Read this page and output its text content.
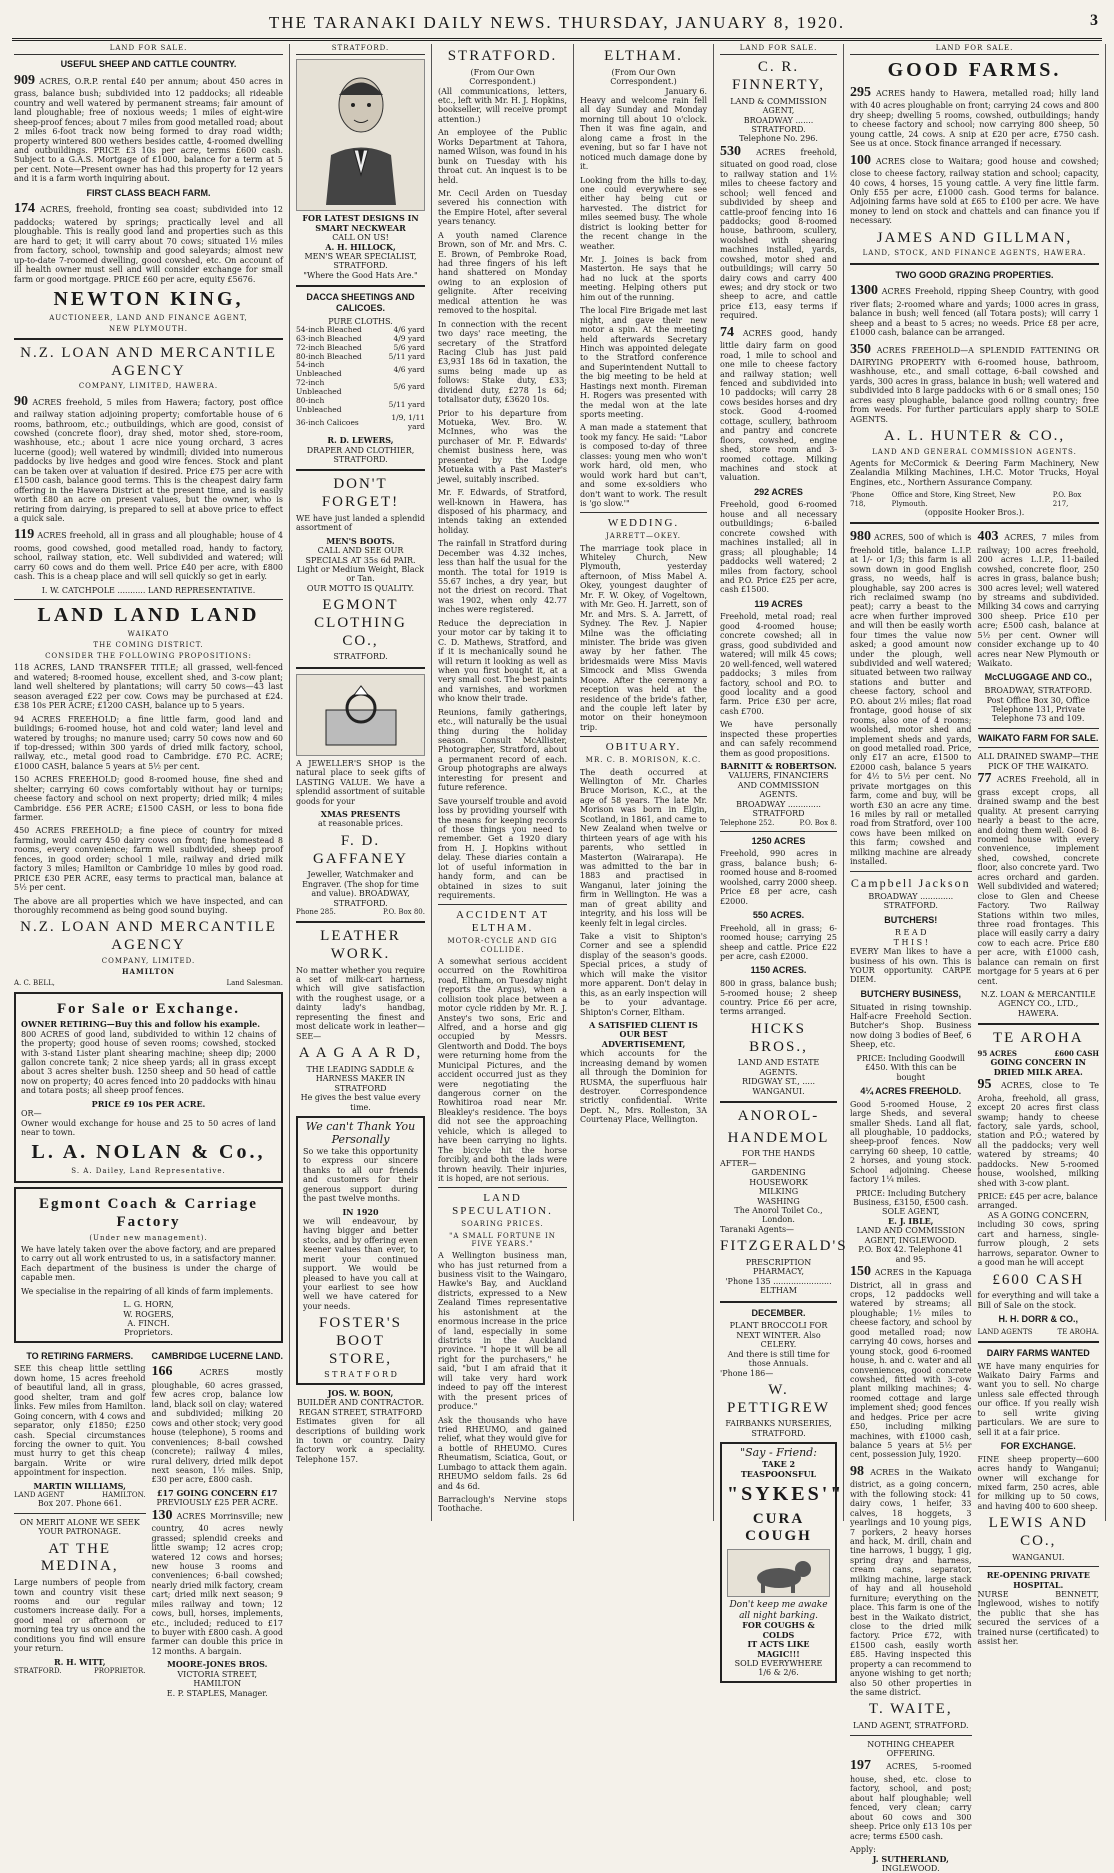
THE TARANAKI DAILY NEWS. THURSDAY, JANUARY 8, 1920.	3
LAND FOR SALE.
USEFUL SHEEP AND CATTLE COUNTRY.

909 ACRES, O.R.P. rental £40 per annum; about 450 acres in grass, balance bush; subdivided into 12 paddocks; all rideable country and well watered by permanent streams; fair amount of land ploughable; free of noxious weeds; 1 miles of eight-wire sheep-proof fences; about 7 miles from good metalled road; about 2 miles 6-foot track now being formed to dray road width; property wintered 800 wethers besides cattle, 4-roomed dwelling and outbuildings. PRICE £3 10s per acre, terms £600 cash. Subject to a G.A.S. Mortgage of £1000, balance for a term at 5 per cent. Note—Present owner has had this property for 12 years and it is a farm worth inquiring about.

FIRST CLASS BEACH FARM.

174 ACRES, freehold, fronting sea coast; subdivided into 12 paddocks; watered by springs; practically level and all ploughable. This is really good land and properties such as this are hard to get; it will carry about 70 cows; situated 1½ miles from factory, school, township and good saleyards; almost new up-to-date 7-roomed dwelling, good cowshed, etc. On account of ill health owner must sell and will consider exchange for small farm or good mortgage. PRICE £60 per acre, equity £5676.

NEWTON KING,
AUCTIONEER, LAND AND FINANCE AGENT,
NEW PLYMOUTH.
N.Z. LOAN AND MERCANTILE AGENCY
COMPANY, LIMITED, HAWERA.

90 ACRES freehold, 5 miles from Hawera; factory, post office and railway station adjoining property; comfortable house of 6 rooms, bathroom, etc.; outbuildings, which are good, consist of cowshed (concrete floor), dray shed, motor shed, store-room, washhouse, etc.; about 1 acre nice young orchard, 3 acres lucerne (good); well watered by windmill; divided into numerous paddocks by live hedges and good wire fences. Stock and plant can be taken over at valuation if desired. Price £75 per acre with £1500 cash, balance good terms. This is the cheapest dairy farm offering in the Hawera District at the present time, and is easily worth £80 an acre on present values, but the owner, who is retiring from dairying, is prepared to sell at above price to effect a quick sale.

119 ACRES freehold, all in grass and all ploughable; house of 4 rooms, good cowshed, good metalled road, handy to factory, school, railway station, etc. Well subdivided and watered; will carry 60 cows and do them well. Price £40 per acre, with £800 cash. This is a cheap place and will sell quickly so get in early.

I. W. CATCHPOLE ........... LAND REPRESENTATIVE.
LAND LAND LAND
WAIKATO
THE COMING DISTRICT.
CONSIDER THE FOLLOWING PROPOSITIONS:

118 ACRES, LAND TRANSFER TITLE; all grassed, well-fenced and watered; 8-roomed house, excellent shed, and 3-cow plant; land well sheltered by plantations; will carry 50 cows—43 last season averaged £22 per cow. Cows may be purchased at £24. £38 10s PER ACRE; £1200 CASH, balance up to 5 years.

94 ACRES FREEHOLD; a fine little farm, good land and buildings; 6-roomed house, hot and cold water; land level and watered by troughs; no manure used; carry 50 cows now and 60 if top-dressed; within 300 yards of dried milk factory, school, railway, etc., metal good road to Cambridge. £70 P.C. ACRE; £1000 CASH, balance 5 years at 5½ per cent.

150 ACRES FREEHOLD; good 8-roomed house, fine shed and shelter; carrying 60 cows comfortably without hay or turnips; cheese factory and school on next property; dried milk; 4 miles Cambridge. £56 PER ACRE; £1500 CASH, or less to bona fide farmer.

450 ACRES FREEHOLD; a fine piece of country for mixed farming, would carry 450 dairy cows on front; fine homestead 8 rooms, every convenience; farm well subdivided, sheep proof fences, in good order; school 1 mile, railway and dried milk factory 3 miles; Hamilton or Cambridge 10 miles by good road. PRICE £30 PER ACRE, easy terms to practical man, balance at 5½ per cent.

The above are all properties which we have inspected, and can thoroughly recommend as being good sound buying.

N.Z. LOAN AND MERCANTILE AGENCY
COMPANY, LIMITED.
HAMILTON
A. C. BELL,	Land Salesman.
For Sale or Exchange.
OWNER RETIRING—Buy this and follow his example.

800 ACRES of good land, subdivided to within 12 chains of the property; good house of seven rooms; cowshed, stocked with 3-stand Lister plant shearing machine; sheep dip; 2000 gallon concrete tank; 2 nice sheep yards; all in grass except about 3 acres shelter bush. 1250 sheep and 50 head of cattle now on property; 40 acres fenced into 20 paddocks with hinau and totara posts; all sheep proof fences.

PRICE £9 10s PER ACRE.
OR—

Owner would exchange for house and 25 to 50 acres of land near to town.

L. A. NOLAN & Co.,
S. A. Dailey, Land Representative.
Egmont Coach & Carriage Factory
(Under new management).

We have lately taken over the above factory, and are prepared to carry out all work entrusted to us, in a satisfactory manner. Each department of the business is under the charge of capable men.

We specialise in the repairing of all kinds of farm implements.

L. G. HORN,
W. ROGERS,
A. FINCH.
Proprietors.
TO RETIRING FARMERS.

SEE this cheap little settling down home, 15 acres freehold of beautiful land, all in grass, good shelter, tram and golf links. Few miles from Hamilton. Going concern, with 4 cows and separator, only £1850; £250 cash. Special circumstances forcing the owner to quit. You must hurry to get this cheap bargain. Write or wire appointment for inspection.

MARTIN WILLIAMS,
LAND AGENT	HAMILTON.
Box 207. Phone 661.
ON MERIT ALONE WE SEEK YOUR PATRONAGE.
AT THE MEDINA,

Large numbers of people from town and country visit these rooms and our regular customers increase daily. For a good meal or afternoon or morning tea try us once and the conditions you find will ensure your return.

R. H. WITT,
STRATFORD.	PROPRIETOR.
CAMBRIDGE LUCERNE LAND.

166	ACRES mostly ploughable, 60 acres grassed, few acres crop, balance low land, black soil on clay; watered and subdivided; milking 20 cows and other stock; very good house (telephone), 5 rooms and conveniences; 8-bail cowshed (concrete); railway 4 miles, rural delivery, dried milk depot next season, 1½ miles. Snip, £30 per acre, £800 cash.

£17 GOING CONCERN £17
PREVIOUSLY £25 PER ACRE.

130 ACRES Morrinsville; new country, 40 acres newly grassed; splendid creeks and little swamp; 12 acres crop; watered 12 cows and horses; new house 3 rooms and conveniences; 6-bail cowshed; nearly dried milk factory, cream cart; dried milk next season; 9 miles railway and town; 12 cows, bull, horses, implements, etc., included; reduced to £17 to buyer with £800 cash. A good farmer can double this price in 12 months. A bargain.

MOORE-JONES BROS.
VICTORIA STREET,
HAMILTON
E. P. STAPLES, Manager.
STRATFORD.
FOR LATEST DESIGNS IN SMART NECKWEAR
CALL ON US!
A. H. HILLOCK,
MEN'S WEAR SPECIALIST, STRATFORD.
"Where the Good Hats Are."
DACCA SHEETINGS AND CALICOES.
PURE CLOTHS.
54-inch Bleached	4/6 yard
63-inch Bleached	4/9 yard
72-inch Bleached	5/6 yard
80-inch Bleached	5/11 yard
54-inch Unbleached	4/6 yard
72-inch Unbleached	5/6 yard
80-inch Unbleached	5/11 yard
36-inch Calicoes	1/9, 1/11 yard
R. D. LEWERS,
DRAPER AND CLOTHIER, STRATFORD.
DON'T FORGET!

WE have just landed a splendid assortment of

MEN'S BOOTS.
CALL AND SEE OUR SPECIALS AT 35s 6d PAIR.
Light or Medium Weight, Black or Tan.
OUR MOTTO IS QUALITY.
EGMONT CLOTHING CO.,
STRATFORD.

A JEWELLER'S SHOP is the natural place to seek gifts of LASTING VALUE. We have a splendid assortment of suitable goods for your

XMAS PRESENTS
at reasonable prices.
F. D. GAFFANEY
Jeweller, Watchmaker and Engraver. (The shop for time and value). BROADWAY, STRATFORD.
Phone 285.	P.O. Box 80.
LEATHER WORK.

No matter whether you require a set of milk-cart harness, which will give satisfaction with the roughest usage, or a dainty lady's handbag, representing the finest and most delicate work in leather—SEE—

A A G A A R D,
THE LEADING SADDLE & HARNESS MAKER IN STRATFORD
He gives the best value every time.
We can't Thank You Personally

So we take this opportunity to express our sincere thanks to all our friends and customers for their generous support during the past twelve months.

IN 1920

we will endeavour, by having bigger and better stocks, and by offering even keener values than ever, to merit your continued support. We would be pleased to have you call at your earliest to see how well we have catered for your needs.

FOSTER'S BOOT STORE,
S T R A T F O R D
JOS. W. BOON,
BUILDER AND CONTRACTOR.
REGAN STREET, STRATFORD

Estimates given for all descriptions of building work in town or country. Dairy factory work a speciality. Telephone 157.

STRATFORD.
(From Our Own Correspondent.)

(All communications, letters, etc., left with Mr. H. J. Hopkins, bookseller, will receive prompt attention.)

An employee of the Public Works Department at Tahora, named Wilson, was found in his bunk on Tuesday with his throat cut. An inquest is to be held.

Mr. Cecil Arden on Tuesday severed his connection with the Empire Hotel, after several years tenancy.

A youth named Clarence Brown, son of Mr. and Mrs. C. E. Brown, of Pembroke Road, had three fingers of his left hand shattered on Monday owing to an explosion of gelignite. After receiving medical attention he was removed to the hospital.

In connection with the recent two days' race meeting, the secretary of the Stratford Racing Club has just paid £3,931 18s 6d in taxation, the sums being made up as follows: Stake duty, £33; dividend duty, £278 1s 6d; totalisator duty, £3620 10s.

Prior to his departure from Motueka, Wev. Bro. W. McInnes, who was the purchaser of Mr. F. Edwards' chemist business here, was presented by the Lodge Motueka with a Past Master's jewel, suitably inscribed.

Mr. F. Edwards, of Stratford, well-known in Hawera, has disposed of his pharmacy, and intends taking an extended holiday.

The rainfall in Stratford during December was 4.32 inches, less than half the usual for the month. The total for 1919 is 55.67 inches, a dry year, but not the driest on record. That was 1902, when only 42.77 inches were registered.

Reduce the depreciation in your motor car by taking it to C. D. Mathews, Stratford, and if it is mechanically sound he will return it looking as well as when you first bought it, at a very small cost. The best paints and varnishes, and workmen who know their trade.

Reunions, family gatherings, etc., will naturally be the usual thing during the holiday season. Consult McAllister, Photographer, Stratford, about a permanent record of each. Group photographs are always interesting for present and future reference.

Save yourself trouble and avoid loss by providing yourself with the means for keeping records of those things you need to remember. Get a 1920 diary from H. J. Hopkins without delay. These diaries contain a lot of useful information in handy form, and can be obtained in sizes to suit requirements.

ACCIDENT AT ELTHAM.
MOTOR-CYCLE AND GIG COLLIDE.

A somewhat serious accident occurred on the Rowhitiroa road, Eltham, on Tuesday night (reports the Argus), when a collision took place between a motor cycle ridden by Mr. R. J. Anstey's two sons, Eric and Alfred, and a horse and gig occupied by Messrs. Glentworth and Dodd. The boys were returning home from the Municipal Pictures, and the accident occurred just as they were negotiating the dangerous corner on the Rowhitiroa road near Mr. Bleakley's residence. The boys did not see the approaching vehicle, which is alleged to have been carrying no lights. The bicycle hit the horse forcibly, and both the lads were thrown heavily. Their injuries, it is hoped, are not serious.

LAND SPECULATION.
SOARING PRICES.
"A SMALL FORTUNE IN FIVE YEARS."

A Wellington business man, who has just returned from a business visit to the Waingaro, Hawke's Bay, and Auckland districts, expressed to a New Zealand Times representative his astonishment at the enormous increase in the price of land, especially in some districts in the Auckland province. "I hope it will be all right for the purchasers," he said, "but I am afraid that it will take very hard work indeed to pay off the interest with the present prices of produce."

Ask the thousands who have tried RHEUMO, and gained relief, what they would give for a bottle of RHEUMO. Cures Rheumatism, Sciatica, Gout, or Lumbago to attack them again. RHEUMO seldom fails. 2s 6d and 4s 6d.

Barraclough's Nervine stops Toothache.

ELTHAM.
(From Our Own Correspondent.)
January 6.

Heavy and welcome rain fell all day Sunday and Monday morning till about 10 o'clock. Then it was fine again, and along came a frost in the evening, but so far I have not noticed much damage done by it.

Looking from the hills to-day, one could everywhere see either hay being cut or harvested. The district for miles seemed busy. The whole district is looking better for the recent change in the weather.

Mr. J. Joines is back from Masterton. He says that he had no luck at the sports meeting. Helping others put him out of the running.

The local Fire Brigade met last night, and gave their new motor a spin. At the meeting held afterwards Secretary Hinch was appointed delegate to the Stratford conference and Superintendent Nuttall to the big meeting to be held at Hastings next month. Fireman H. Rogers was presented with the medal won at the late sports meeting.

A man made a statement that took my fancy. He said: "Labor is composed to-day of three classes: young men who won't work hard, old men, who would work hard but can't, and some ex-soldiers who don't want to work. The result is 'go slow.'"

WEDDING.
JARRETT—OKEY.

The marriage took place in Whiteley Church, New Plymouth, yesterday afternoon, of Miss Mabel A. Okey, youngest daughter of Mr. F. W. Okey, of Vogeltown, with Mr. Geo. H. Jarrett, son of Mr. and Mrs. S. A. Jarrett, of Sydney. The Rev. J. Napier Milne was the officiating minister. The bride was given away by her father. The bridesmaids were Miss Mavis Simcock and Miss Gwenda Moore. After the ceremony a reception was held at the residence of the bride's father, and the couple left later by motor on their honeymoon trip.

OBITUARY.
MR. C. B. MORISON, K.C.

The death occurred at Wellington of Mr. Charles Bruce Morison, K.C., at the age of 58 years. The late Mr. Morison was born in Elgin, Scotland, in 1861, and came to New Zealand when twelve or thirteen years of age with his parents, who settled in Masterton (Wairarapa). He was admitted to the bar in 1883 and practised in Wanganui, later joining the firm in Wellington. He was a man of great ability and integrity, and his loss will be keenly felt in legal circles.

Take a visit to Shipton's Corner and see a splendid display of the season's goods. Special prices, a study of which will make the visitor more apparent. Don't delay in this, as an early inspection will be to your advantage. Shipton's Corner, Eltham.

A SATISFIED CLIENT IS OUR BEST ADVERTISEMENT,

which accounts for the increasing demand by women all through the Dominion for RUSMA, the superfluous hair destroyer. Correspondence strictly confidential. Write Dept. N., Mrs. Rolleston, 3A Courtenay Place, Wellington.

LAND FOR SALE.
C. R. FINNERTY,
LAND & COMMISSION AGENT,
BROADWAY ....... STRATFORD.
Telephone No. 296.

530 ACRES freehold, situated on good road, close to railway station and 1½ miles to cheese factory and school; well fenced and subdivided by sheep and cattle-proof fencing into 16 paddocks; good 8-roomed house, bathroom, scullery, woolshed with shearing machines installed, yards, cowshed, motor shed and outbuildings; will carry 50 dairy cows and carry 400 ewes; and dry stock or two sheep to acre, and cattle price £13, easy terms if required.

74 ACRES good, handy little dairy farm on good road, 1 mile to school and one mile to cheese factory and railway station; well fenced and subdivided into 10 paddocks; will carry 28 cows besides horses and dry stock. Good 4-roomed cottage, scullery, bathroom and pantry and concrete floors, cowshed, engine shed, store room and 3-roomed cottage. Milking machines and stock at valuation.

292 ACRES

Freehold, good 6-roomed house and all necessary outbuildings; 6-bailed concrete cowshed with machines installed; all in grass; all ploughable; 14 paddocks well watered; 2 miles from factory, school and P.O. Price £25 per acre, cash £1500.

119 ACRES

Freehold, metal road; real good 4-roomed house; concrete cowshed; all in grass, good subdivided and watered; will milk 45 cows; 20 well-fenced, well watered paddocks; 3 miles from factory, school and P.O. to good locality and a good farm. Price £30 per acre, cash £700.

We have personally inspected these properties and can safely recommend them as good propositions.

BARNITT & ROBERTSON.
VALUERS, FINANCIERS AND COMMISSION AGENTS.
BROADWAY ............. STRATFORD
Telephone 252.	P.O. Box 8.
1250 ACRES

Freehold, 990 acres in grass, balance bush; 6-roomed house and 8-roomed woolshed, carry 2000 sheep. Price £8 per acre, cash £2000.

550 ACRES.

Freehold, all in grass; 6-roomed house; carrying 25 sheep and cattle. Price £22 per acre, cash £2000.

1150 ACRES.

800 in grass, balance bush; 5-roomed house; 2 sheep country. Price £6 per acre, terms arranged.

HICKS BROS.,
LAND AND ESTATE AGENTS.
RIDGWAY ST., ..... WANGANUI.
ANOROL-
HANDEMOL
FOR THE HANDS
AFTER—
GARDENING
HOUSEWORK
MILKING
WASHING
The Anorol Toilet Co., London.
Taranaki Agents—
FITZGERALD'S
PRESCRIPTION PHARMACY,
'Phone 135 ....................... ELTHAM
DECEMBER.
PLANT BROCCOLI FOR NEXT WINTER. Also CELERY.
And there is still time for those Annuals.
'Phone 186—
W. PETTIGREW
FAIRBANKS NURSERIES, STRATFORD.
"Say - Friend:
TAKE 2 TEASPOONSFUL
"SYKES'"
CURA COUGH
Don't keep me awake all night barking.
FOR COUGHS & COLDS
IT ACTS LIKE MAGIC!!!
SOLD EVERYWHERE 1/6 & 2/6.
LAND FOR SALE.
GOOD FARMS.

295 ACRES handy to Hawera, metalled road; hilly land with 40 acres ploughable on front; carrying 24 cows and 800 dry sheep; dwelling 5 rooms, cowshed, outbuildings; handy to cheese factory and school; now carrying 800 sheep, 50 young cattle, 24 cows. A snip at £20 per acre, £750 cash. See us at once. Stock finance arranged if necessary.

100 ACRES close to Waitara; good house and cowshed; close to cheese factory, railway station and school; capacity, 40 cows, 4 horses, 15 young cattle. A very fine little farm. Only £55 per acre, £1000 cash. Good terms for balance. Adjoining farms have sold at £65 to £100 per acre. We have money to lend on stock and chattels and can finance you if necessary.

JAMES AND GILLMAN,
LAND, STOCK, AND FINANCE AGENTS, HAWERA.
TWO GOOD GRAZING PROPERTIES.

1300 ACRES Freehold, ripping Sheep Country, with good river flats; 2-roomed whare and yards; 1000 acres in grass, balance in bush; well fenced (all Totara posts); will carry 1 sheep and a beast to 5 acres; no weeds. Price £8 per acre, £1000 cash, balance can be arranged.

350 ACRES FREEHOLD—A SPLENDID FATTENING OR DAIRYING PROPERTY with 6-roomed house, bathroom, washhouse, etc., and small cottage, 6-bail cowshed and yards, 300 acres in grass, balance in bush; well watered and subdivided into 8 large paddocks with 6 or 8 small ones; 150 acres easy ploughable, balance good rolling country; free from weeds. For further particulars apply sharp to SOLE AGENTS.

A. L. HUNTER & CO.,
LAND AND GENERAL COMMISSION AGENTS.

Agents for McCormick & Deering Farm Machinery, New Zealandia Milking Machines, I.H.C. Motor Trucks, Hoyal Engines, etc., Northern Assurance Company.

'Phone 718,
Office and Store, King Street, New Plymouth.
P.O. Box 217,
(opposite Hooker Bros.).

980 ACRES, 500 of which is freehold title, balance L.I.P. at 1/- or 1/3; this farm is all sown down in good English grass, no weeds, half is ploughable, say 200 acres is rich reclaimed swamp (no peat); carry a beast to the acre when further improved and will then be easily worth four times the value now asked; a good amount now under the plough, well subdivided and well watered; situated between two railway stations and butter and cheese factory, school and P.O. about 2½ miles; flat road frontage, good house of six rooms, also one of 4 rooms; woolshed, motor shed and implement sheds and yards, on good metalled road. Price, only £17 an acre, £1500 to £2000 cash, balance 5 years for 4½ to 5½ per cent. No private mortgages on this farm, come and buy, will be worth £30 an acre any time. 16 miles by rail or metalled road from Stratford, over 100 cows have been milked on this farm; cowshed and milking machine are already installed.

Campbell Jackson
BROADWAY ............. STRATFORD.
BUTCHERS!
R E A D
T H I S !

EVERY Man likes to have a business of his own. This is YOUR opportunity. CARPE DIEM.

BUTCHERY BUSINESS,

Situated in rising township. Half-acre Freehold Section. Butcher's Shop. Business now doing 3 bodies of Beef, 6 Sheep, etc.

PRICE: Including Goodwill £450. With this can be bought
4¼ ACRES FREEHOLD.

Good 5-roomed House, 2 large Sheds, and several smaller Sheds. Land all flat, all ploughable, 10 paddocks, sheep-proof fences. Now carrying 60 sheep, 10 cattle, 2 horses, and young stock. School adjoining. Cheese factory 1¼ miles.

PRICE: Including Butchery Business, £3150, £500 cash.
SOLE AGENT,
E. J. IBLE,
LAND AND COMMISSION AGENT, INGLEWOOD.
P.O. Box 42. Telephone 41 and 95.

150 ACRES in the Kapuaga District, all in grass and crops, 12 paddocks well watered by streams; all ploughable; 1½ miles to cheese factory, and school by good metalled road; now carrying 40 cows, horses and young stock, good 6-roomed house, h. and c. water and all conveniences, good concrete cowshed, fitted with 3-cow plant milking machines; 4-roomed cottage and large implement shed; good fences and hedges. Price per acre £50, including milking machines, with £1000 cash, balance 5 years at 5½ per cent, possession July, 1920.

98 ACRES in the Waikato district, as a going concern, with the following stock: 41 dairy cows, 1 heifer, 33 calves, 18 hoggets, 3 yearlings and 10 young pigs, 7 porkers, 2 heavy horses and hack, M. drill, chain and tine harrows, 1 buggy, 1 gig, spring dray and harness, cream cans, separator, milking machine, large stack of hay and all household furniture; everything on the place. This farm is one of the best in the Waikato district, close to the dried milk factory. Price £72, with £1500 cash, easily worth £85. Having inspected this property a can recommend to anyone wishing to get north; also 50 other properties in the same district.

T. WAITE,
LAND AGENT, STRATFORD.
NOTHING CHEAPER OFFERING.

197 ACRES, 5-roomed house, shed, etc. close to factory, school, and post; about half ploughable; well fenced, very clean; carry about 60 cows and 300 sheep. Price only £13 10s per acre; terms £500 cash.

Apply:
J. SUTHERLAND,
INGLEWOOD.

403 ACRES, 7 miles from railway; 100 acres freehold, 200 acres L.I.P., 11-bailed cowshed, concrete floor, 250 acres in grass, balance bush; 300 acres level; well watered by streams and subdivided. Milking 34 cows and carrying 300 sheep. Price £10 per acre; £500 cash, balance at 5½ per cent. Owner will consider exchange up to 40 acres near New Plymouth or Waikato.

McCLUGGAGE AND CO.,
BROADWAY, STRATFORD.
Post Office Box 30, Office Telephone 131, Private Telephone 73 and 109.
WAIKATO FARM FOR SALE.
ALL DRAINED SWAMP—THE PICK OF THE WAIKATO.

77 ACRES Freehold, all in grass except crops, all drained swamp and the best quality. At present carrying nearly a beast to the acre, and doing them well. Good 8-roomed house with every convenience, implement shed, cowshed, concrete floor, also concrete yard. Two acres orchard and garden. Well subdivided and watered; close to Glen and Cheese Factory. Two Railway Stations within two miles, three road frontages. This place will easily carry a dairy cow to each acre. Price £80 per acre, with £1000 cash, balance can remain on first mortgage for 5 years at 6 per cent.

N.Z. LOAN & MERCANTILE AGENCY CO., LTD., HAWERA.
TE AROHA
95 ACRES	£600 CASH
GOING CONCERN IN DRIED MILK AREA.

95 ACRES, close to Te Aroha, freehold, all grass, except 20 acres first class swamp; handy to cheese factory, sale yards, school, station and P.O.; watered by all the paddocks; very well watered by streams; 40 paddocks. New 5-roomed house, woolshed, milking shed with 3-cow plant.

PRICE: £45 per acre, balance arranged.
AS A GOING CONCERN,

including 30 cows, spring cart and harness, single-furrow plough, 2 sets harrows, separator. Owner to a good man he will accept

£600 CASH

for everything and will take a Bill of Sale on the stock.

H. H. DORR & CO.,
LAND AGENTS	TE AROHA.
DAIRY FARMS WANTED

WE have many enquiries for Waikato Dairy Farms and want you to sell. No charge unless sale effected through our office. If you really wish to sell write giving particulars. We are sure to sell it at a fair price.

FOR EXCHANGE.

FINE sheep property—600 acres handy to Wanganui; owner will exchange for mixed farm, 250 acres, able for milking up to 50 cows, and having 400 to 600 sheep.

LEWIS AND CO.,
WANGANUI.
RE-OPENING PRIVATE HOSPITAL.

NURSE BENNETT, Inglewood, wishes to notify the public that she has secured the services of a trained nurse (certificated) to assist her.
